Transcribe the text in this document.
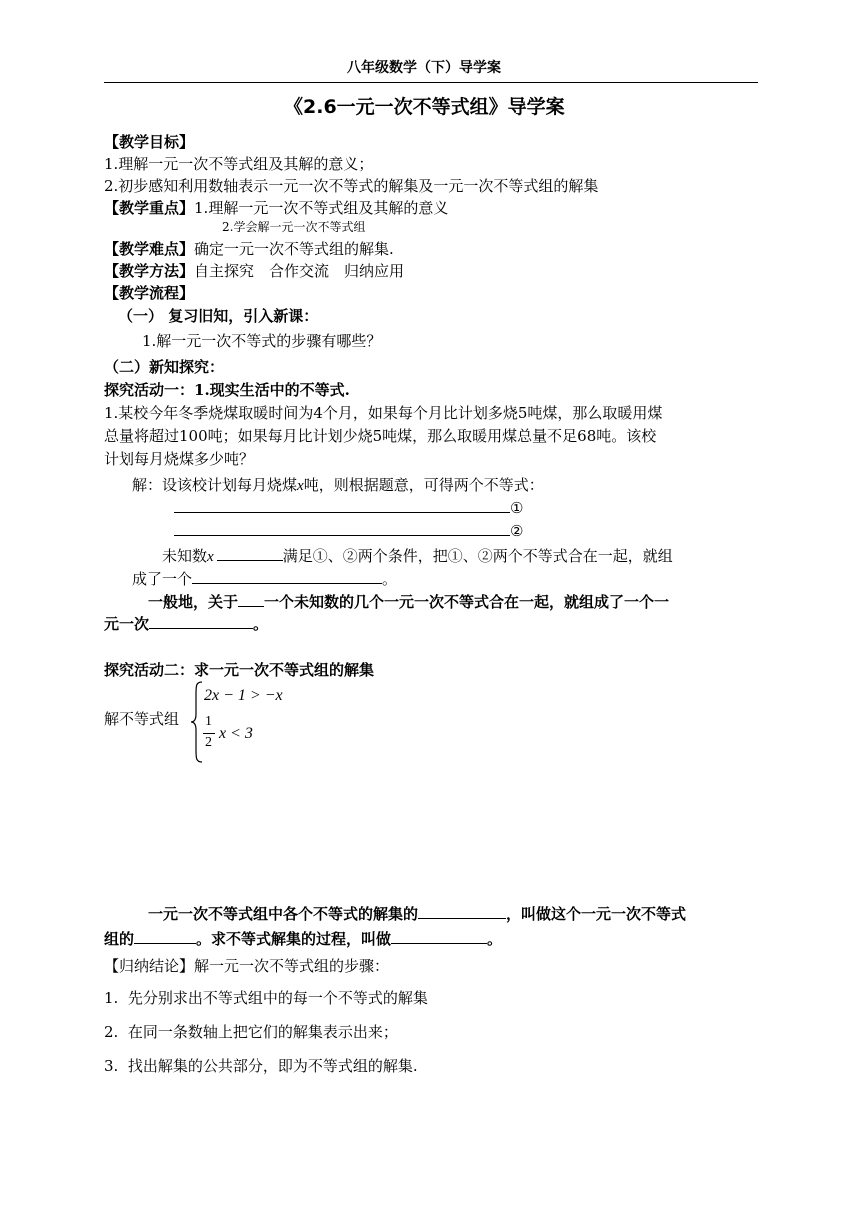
八年级数学（下）导学案
《2.6一元一次不等式组》导学案
【教学目标】
1.理解一元一次不等式组及其解的意义；
2.初步感知利用数轴表示一元一次不等式的解集及一元一次不等式组的解集
【教学重点】1.理解一元一次不等式组及其解的意义
2.学会解一元一次不等式组
【教学难点】确定一元一次不等式组的解集.
【教学方法】自主探究　合作交流　归纳应用
【教学流程】
（一） 复习旧知，引入新课：
1.解一元一次不等式的步骤有哪些？
（二）新知探究：
探究活动一：1.现实生活中的不等式.
1.某校今年冬季烧煤取暖时间为4个月，如果每个月比计划多烧5吨煤，那么取暖用煤
总量将超过100吨；如果每月比计划少烧5吨煤，那么取暖用煤总量不足68吨。该校
计划每月烧煤多少吨？
解：设该校计划每月烧煤x吨，则根据题意，可得两个不等式：
①
②
未知数x	满足①、②两个条件，把①、②两个不等式合在一起，就组
成了一个	。
一般地，关于 一个未知数的几个一元一次不等式合在一起，就组成了一个一
元一次	。
探究活动二：求一元一次不等式组的解集
解不等式组
2x − 1 > −x
1
2
x < 3
一元一次不等式组中各个不等式的解集的	，叫做这个一元一次不等式
组的	。求不等式解集的过程，叫做	。
【归纳结论】解一元一次不等式组的步骤：
1.  先分别求出不等式组中的每一个不等式的解集
2.  在同一条数轴上把它们的解集表示出来；
3.  找出解集的公共部分，即为不等式组的解集.
